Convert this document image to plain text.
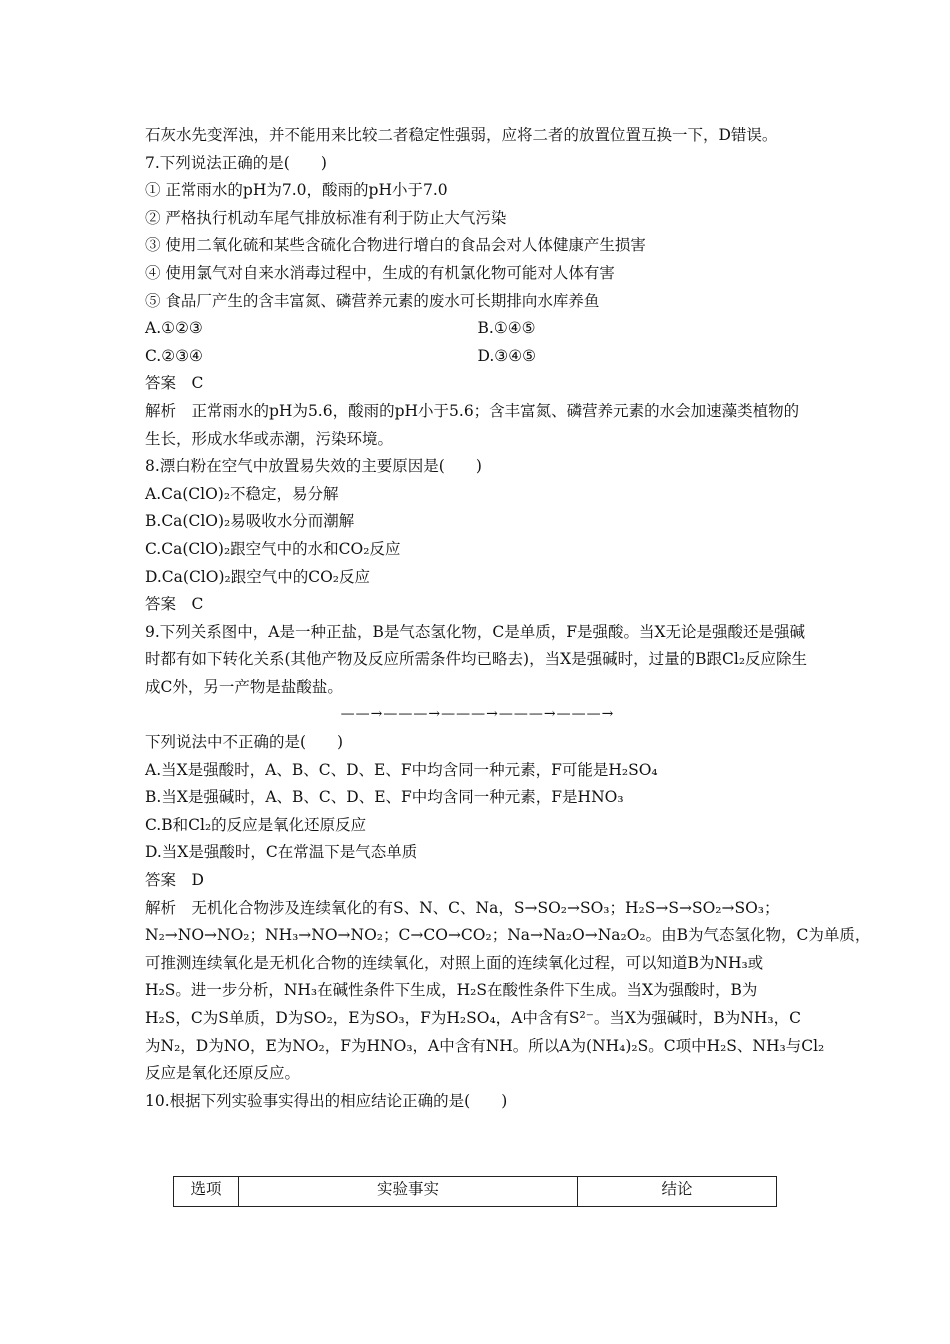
石灰水先变浑浊，并不能用来比较二者稳定性强弱，应将二者的放置位置互换一下，D错误。
7.下列说法正确的是(　　)
① 正常雨水的pH为7.0，酸雨的pH小于7.0
② 严格执行机动车尾气排放标准有利于防止大气污染
③ 使用二氧化硫和某些含硫化合物进行增白的食品会对人体健康产生损害
④ 使用氯气对自来水消毒过程中，生成的有机氯化物可能对人体有害
⑤ 食品厂产生的含丰富氮、磷营养元素的废水可长期排向水库养鱼
A.①②③	B.①④⑤
C.②③④	D.③④⑤
答案　C
解析　正常雨水的pH为5.6，酸雨的pH小于5.6；含丰富氮、磷营养元素的水会加速藻类植物的生长，形成水华或赤潮，污染环境。
8.漂白粉在空气中放置易失效的主要原因是(　　)
A.Ca(ClO)₂不稳定，易分解
B.Ca(ClO)₂易吸收水分而潮解
C.Ca(ClO)₂跟空气中的水和CO₂反应
D.Ca(ClO)₂跟空气中的CO₂反应
答案　C
9.下列关系图中，A是一种正盐，B是气态氢化物，C是单质，F是强酸。当X无论是强酸还是强碱时都有如下转化关系(其他产物及反应所需条件均已略去)，当X是强碱时，过量的B跟Cl₂反应除生成C外，另一产物是盐酸盐。
——→———→———→———→———→
下列说法中不正确的是(　　)
A.当X是强酸时，A、B、C、D、E、F中均含同一种元素，F可能是H₂SO₄
B.当X是强碱时，A、B、C、D、E、F中均含同一种元素，F是HNO₃
C.B和Cl₂的反应是氧化还原反应
D.当X是强酸时，C在常温下是气态单质
答案　D
解析　无机化合物涉及连续氧化的有S、N、C、Na，S→SO₂→SO₃；H₂S→S→SO₂→SO₃；
N₂→NO→NO₂；NH₃→NO→NO₂；C→CO→CO₂；Na→Na₂O→Na₂O₂。由B为气态氢化物，C为单质，
可推测连续氧化是无机化合物的连续氧化，对照上面的连续氧化过程，可以知道B为NH₃或
H₂S。进一步分析，NH₃在碱性条件下生成，H₂S在酸性条件下生成。当X为强酸时，B为
H₂S，C为S单质，D为SO₂，E为SO₃，F为H₂SO₄，A中含有S²⁻。当X为强碱时，B为NH₃，C
为N₂，D为NO，E为NO₂，F为HNO₃，A中含有NH。所以A为(NH₄)₂S。C项中H₂S、NH₃与Cl₂
反应是氧化还原反应。
10.根据下列实验事实得出的相应结论正确的是(　　)
选项	实验事实	结论
